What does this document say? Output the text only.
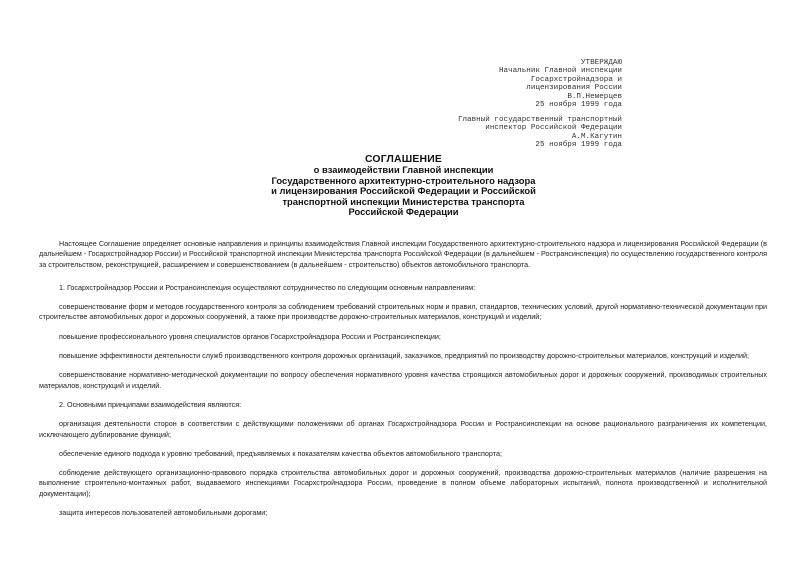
УТВЕРЖДАЮ
Начальник Главной инспекции
Госархстройнадзора и
лицензирования России
В.П.Немерцев
25 ноября 1999 года
Главный государственный транспортный
инспектор Российской Федерации
А.М.Кагутин
25 ноября 1999 года
СОГЛАШЕНИЕ
о взаимодействии Главной инспекции
Государственного архитектурно-строительного надзора
и лицензирования Российской Федерации и Российской
транспортной инспекции Министерства транспорта
Российской Федерации

Настоящее Соглашение определяет основные направления и принципы взаимодействия Главной инспекции Государственного архитектурно-строительного надзора и лицензирования Российской Федерации (в дальнейшем - Госархстройнадзор России) и Российской транспортной инспекции Министерства транспорта Российской Федерации (в дальнейшем - Ространсинспекция) по осуществлению государственного контроля за строительством, реконструкцией, расширением и совершенствованием (в дальнейшем - строительство) объектов автомобильного транспорта.

1. Госархстройнадзор России и Ространсинспекция осуществляют сотрудничество по следующим основным направлениям:

совершенствование форм и методов государственного контроля за соблюдением требований строительных норм и правил, стандартов, технических условий, другой нормативно-технической документации при строительстве автомобильных дорог и дорожных сооружений, а также при производстве дорожно-строительных материалов, конструкций и изделий;

повышение профессионального уровня специалистов органов Госархстройнадзора России и Ространсинспекции;

повышение эффективности деятельности служб производственного контроля дорожных организаций, заказчиков, предприятий по производству дорожно-строительных материалов, конструкций и изделий;

совершенствование нормативно-методической документации по вопросу обеспечения нормативного уровня качества строящихся автомобильных дорог и дорожных сооружений, производимых строительных материалов, конструкций и изделий.

2. Основными принципами взаимодействия являются:

организация деятельности сторон в соответствии с действующими положениями об органах Госархстройнадзора России и Ространсинспекции на основе рационального разграничения их компетенции, исключающего дублирование функций;

обеспечение единого подхода к уровню требований, предъявляемых к показателям качества объектов автомобильного транспорта;

соблюдение действующего организационно-правового порядка строительства автомобильных дорог и дорожных сооружений, производства дорожно-строительных материалов (наличие разрешения на выполнение строительно-монтажных работ, выдаваемого инспекциями Госархстройнадзора России, проведение в полном объеме лабораторных испытаний, полнота производственной и исполнительной документации);

защита интересов пользователей автомобильными дорогами;
